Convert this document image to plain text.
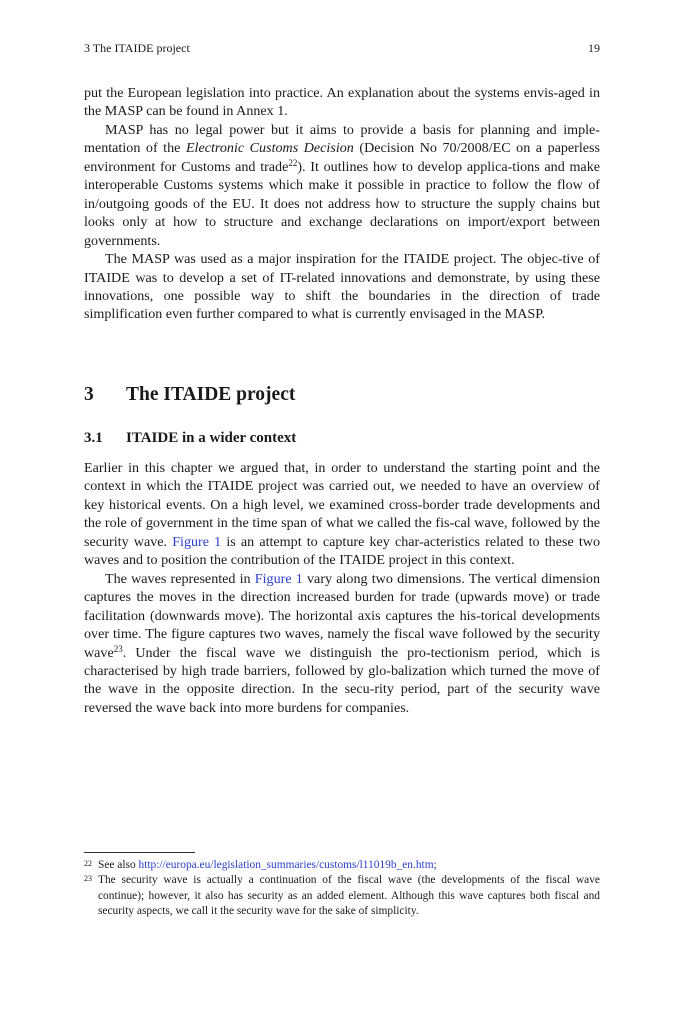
3 The ITAIDE project	19

put the European legislation into practice. An explanation about the systems envis-aged in the MASP can be found in Annex 1.

MASP has no legal power but it aims to provide a basis for planning and imple-mentation of the Electronic Customs Decision (Decision No 70/2008/EC on a paperless environment for Customs and trade$^{22}$). It outlines how to develop applica-tions and make interoperable Customs systems which make it possible in practice to follow the flow of in/outgoing goods of the EU. It does not address how to structure the supply chains but looks only at how to structure and exchange declarations on import/export between governments.

The MASP was used as a major inspiration for the ITAIDE project. The objec-tive of ITAIDE was to develop a set of IT-related innovations and demonstrate, by using these innovations, one possible way to shift the boundaries in the direction of trade simplification even further compared to what is currently envisaged in the MASP.

3 The ITAIDE project
3.1 ITAIDE in a wider context

Earlier in this chapter we argued that, in order to understand the starting point and the context in which the ITAIDE project was carried out, we needed to have an overview of key historical events. On a high level, we examined cross-border trade developments and the role of government in the time span of what we called the fis-cal wave, followed by the security wave. Figure 1 is an attempt to capture key char-acteristics related to these two waves and to position the contribution of the ITAIDE project in this context.

The waves represented in Figure 1 vary along two dimensions. The vertical dimension captures the moves in the direction increased burden for trade (upwards move) or trade facilitation (downwards move). The horizontal axis captures the his-torical developments over time. The figure captures two waves, namely the fiscal wave followed by the security wave$^{23}$. Under the fiscal wave we distinguish the pro-tectionism period, which is characterised by high trade barriers, followed by glo-balization which turned the move of the wave in the opposite direction. In the secu-rity period, part of the security wave reversed the wave back into more burdens for companies.

22 See also http://europa.eu/legislation_summaries/customs/l11019b_en.htm;
23 The security wave is actually a continuation of the fiscal wave (the developments of the fiscal wave continue); however, it also has security as an added element. Although this wave captures both fiscal and security aspects, we call it the security wave for the sake of simplicity.
